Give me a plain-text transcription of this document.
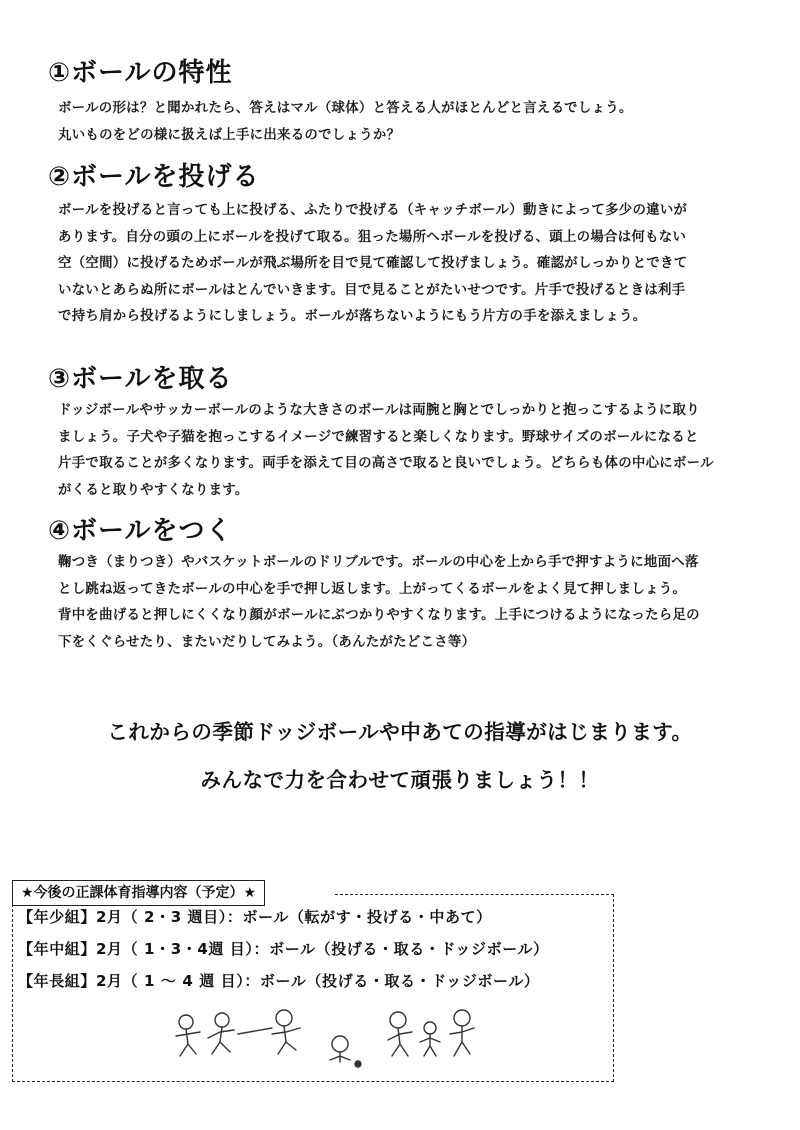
①ボールの特性
ボールの形は？と聞かれたら、答えはマル（球体）と答える人がほとんどと言えるでしょう。
丸いものをどの様に扱えば上手に出来るのでしょうか？
②ボールを投げる
ボールを投げると言っても上に投げる、ふたりで投げる（キャッチボール）動きによって多少の違いが
あります。自分の頭の上にボールを投げて取る。狙った場所へボールを投げる、頭上の場合は何もない
空（空間）に投げるためボールが飛ぶ場所を目で見て確認して投げましょう。確認がしっかりとできて
いないとあらぬ所にボールはとんでいきます。目で見ることがたいせつです。片手で投げるときは利手
で持ち肩から投げるようにしましょう。ボールが落ちないようにもう片方の手を添えましょう。
③ボールを取る
ドッジボールやサッカーボールのような大きさのボールは両腕と胸とでしっかりと抱っこするように取り
ましょう。子犬や子猫を抱っこするイメージで練習すると楽しくなります。野球サイズのボールになると
片手で取ることが多くなります。両手を添えて目の高さで取ると良いでしょう。どちらも体の中心にボール
がくると取りやすくなります。
④ボールをつく
鞠つき（まりつき）やバスケットボールのドリブルです。ボールの中心を上から手で押すように地面へ落
とし跳ね返ってきたボールの中心を手で押し返します。上がってくるボールをよく見て押しましょう。
背中を曲げると押しにくくなり顔がボールにぶつかりやすくなります。上手につけるようになったら足の
下をくぐらせたり、またいだりしてみよう。（あんたがたどこさ等）

これからの季節ドッジボールや中あての指導がはじまります。

みんなで力を合わせて頑張りましょう！！

★今後の正課体育指導内容（予定）★
【年少組】2月（ 2・3 週目）：ボール（転がす・投げる・中あて）
【年中組】2月（ 1・3・4週 目）：ボール（投げる・取る・ドッジボール）
【年長組】2月（ 1 ～ 4 週 目）：ボール（投げる・取る・ドッジボール）
